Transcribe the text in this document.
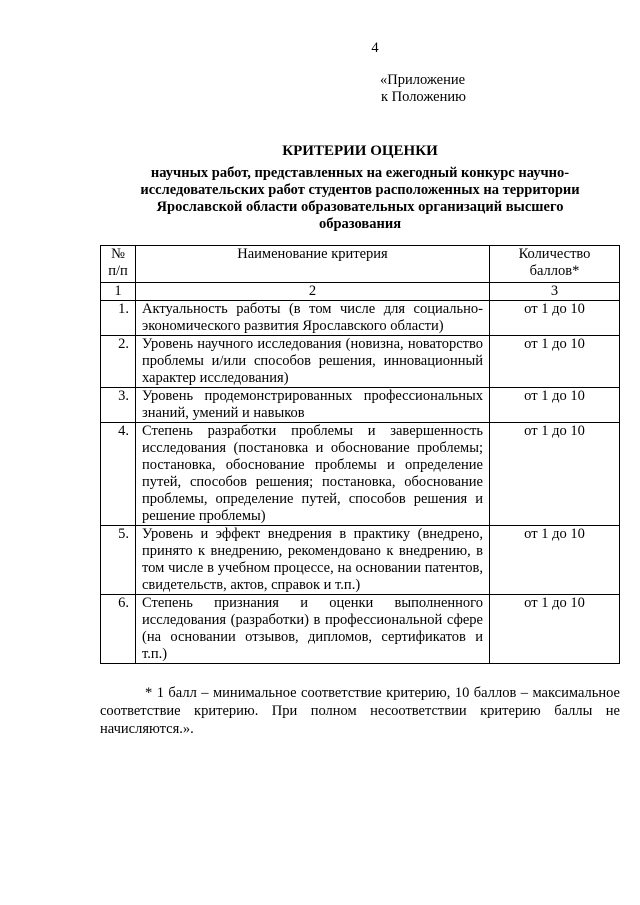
4
«Приложение
к Положению
КРИТЕРИИ ОЦЕНКИ
научных работ, представленных на ежегодный конкурс научно-
исследовательских работ студентов расположенных на территории
Ярославской области образовательных организаций высшего
образования
№ п/п	Наименование критерия	Количество баллов*
1	2	3
1.	Актуальность работы (в том числе для социально-экономического развития Ярославского области)	от 1 до 10
2.	Уровень научного исследования (новизна, новаторство проблемы и/или способов решения, инновационный характер исследования)	от 1 до 10
3.	Уровень продемонстрированных профессиональных знаний, умений и навыков	от 1 до 10
4.	Степень разработки проблемы и завершенность исследования (постановка и обоснование проблемы; постановка, обоснование проблемы и определение путей, способов решения; постановка, обоснование проблемы, определение путей, способов решения и решение проблемы)	от 1 до 10
5.	Уровень и эффект внедрения в практику (внедрено, принято к внедрению, рекомендовано к внедрению, в том числе в учебном процессе, на основании патентов, свидетельств, актов, справок и т.п.)	от 1 до 10
6.	Степень признания и оценки выполненного исследования (разработки) в профессиональной сфере (на основании отзывов, дипломов, сертификатов и т.п.)	от 1 до 10
* 1 балл – минимальное соответствие критерию, 10 баллов – максимальное соответствие критерию. При полном несоответствии критерию баллы не начисляются.».
